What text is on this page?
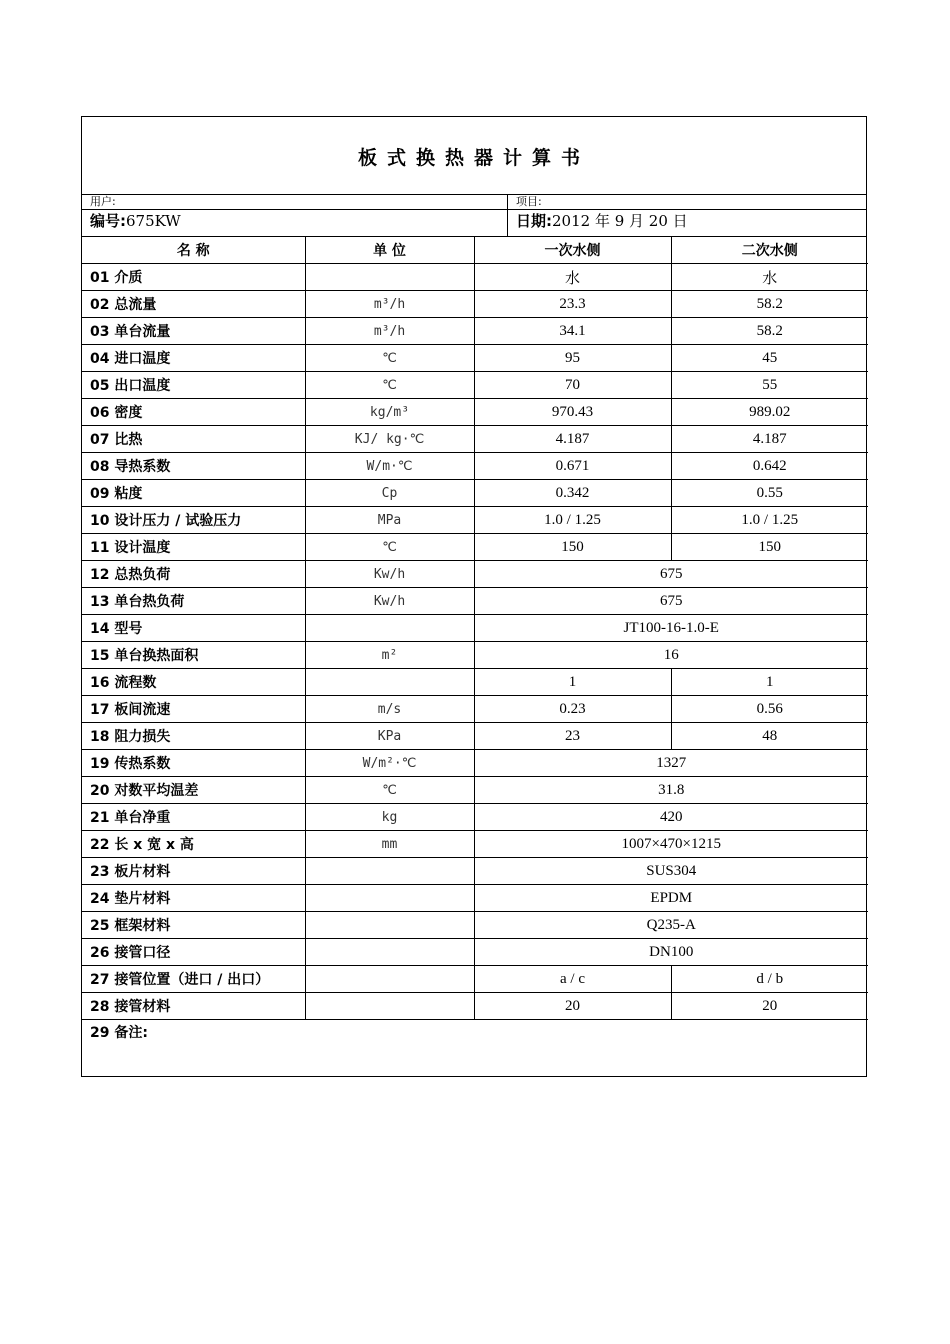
板式换热器计算书
用户:	项目:
编号:675KW	日期:2012 年 9 月 20 日
名 称	单 位	一次水侧	二次水侧
01 介质		水	水
02 总流量	m³/h	23.3	58.2
03 单台流量	m³/h	34.1	58.2
04 进口温度	℃	95	45
05 出口温度	℃	70	55
06 密度	kg/m³	970.43	989.02
07 比热	KJ/ kg·℃	4.187	4.187
08 导热系数	W/m·℃	0.671	0.642
09 粘度	Cp	0.342	0.55
10 设计压力 / 试验压力	MPa	1.0 / 1.25	1.0 / 1.25
11 设计温度	℃	150	150
12 总热负荷	Kw/h	675	
13 单台热负荷	Kw/h	675	
14 型号		JT100-16-1.0-E	
15 单台换热面积	m²	16	
16 流程数		1	1
17 板间流速	m/s	0.23	0.56
18 阻力损失	KPa	23	48
19 传热系数	W/m²·℃	1327	
20 对数平均温差	℃	31.8	
21 单台净重	kg	420	
22 长 x 宽 x 高	mm	1007×470×1215	
23 板片材料		SUS304	
24 垫片材料		EPDM	
25 框架材料		Q235-A	
26 接管口径		DN100	
27 接管位置（进口 / 出口）		a / c	d / b
28 接管材料		20	20
29 备注:
